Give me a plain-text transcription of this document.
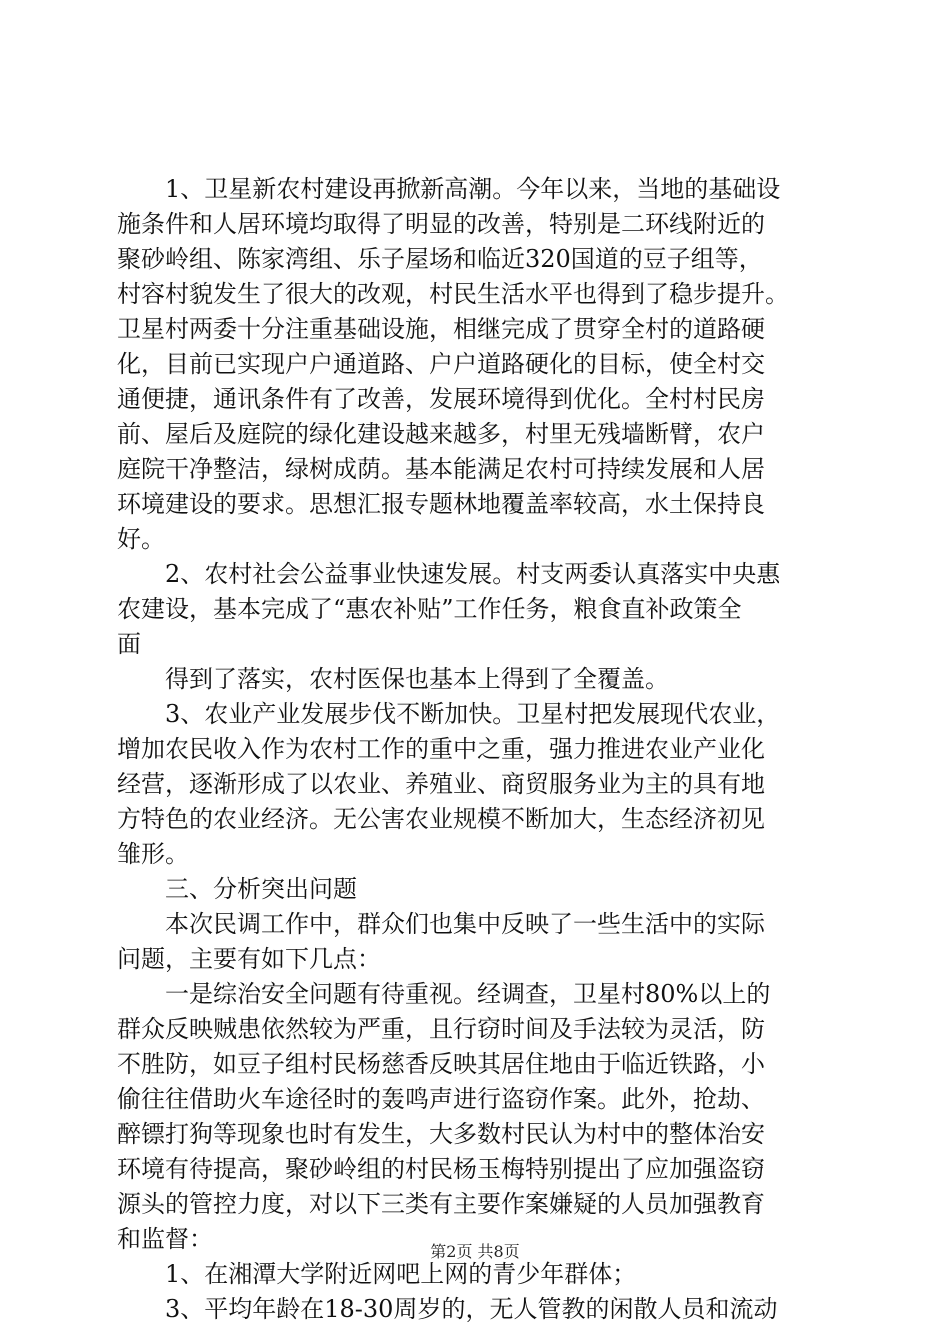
　　1、卫星新农村建设再掀新高潮。今年以来，当地的基础设
施条件和人居环境均取得了明显的改善，特别是二环线附近的
聚砂岭组、陈家湾组、乐子屋场和临近320国道的豆子组等，
村容村貌发生了很大的改观，村民生活水平也得到了稳步提升。
卫星村两委十分注重基础设施，相继完成了贯穿全村的道路硬
化，目前已实现户户通道路、户户道路硬化的目标，使全村交
通便捷，通讯条件有了改善，发展环境得到优化。全村村民房
前、屋后及庭院的绿化建设越来越多，村里无残墙断臂，农户
庭院干净整洁，绿树成荫。基本能满足农村可持续发展和人居
环境建设的要求。思想汇报专题林地覆盖率较高，水土保持良
好。
　　2、农村社会公益事业快速发展。村支两委认真落实中央惠
农建设，基本完成了“惠农补贴”工作任务，粮食直补政策全
面
　　得到了落实，农村医保也基本上得到了全覆盖。
　　3、农业产业发展步伐不断加快。卫星村把发展现代农业，
增加农民收入作为农村工作的重中之重，强力推进农业产业化
经营，逐渐形成了以农业、养殖业、商贸服务业为主的具有地
方特色的农业经济。无公害农业规模不断加大，生态经济初见
雏形。
　　三、分析突出问题
　　本次民调工作中，群众们也集中反映了一些生活中的实际
问题，主要有如下几点：
　　一是综治安全问题有待重视。经调查，卫星村80%以上的
群众反映贼患依然较为严重，且行窃时间及手法较为灵活，防
不胜防，如豆子组村民杨慈香反映其居住地由于临近铁路，小
偷往往借助火车途径时的轰鸣声进行盗窃作案。此外，抢劫、
醉镖打狗等现象也时有发生，大多数村民认为村中的整体治安
环境有待提高，聚砂岭组的村民杨玉梅特别提出了应加强盗窃
源头的管控力度，对以下三类有主要作案嫌疑的人员加强教育
和监督：
　　1、在湘潭大学附近网吧上网的青少年群体；
　　3、平均年龄在18-30周岁的，无人管教的闲散人员和流动
第2页 共8页
